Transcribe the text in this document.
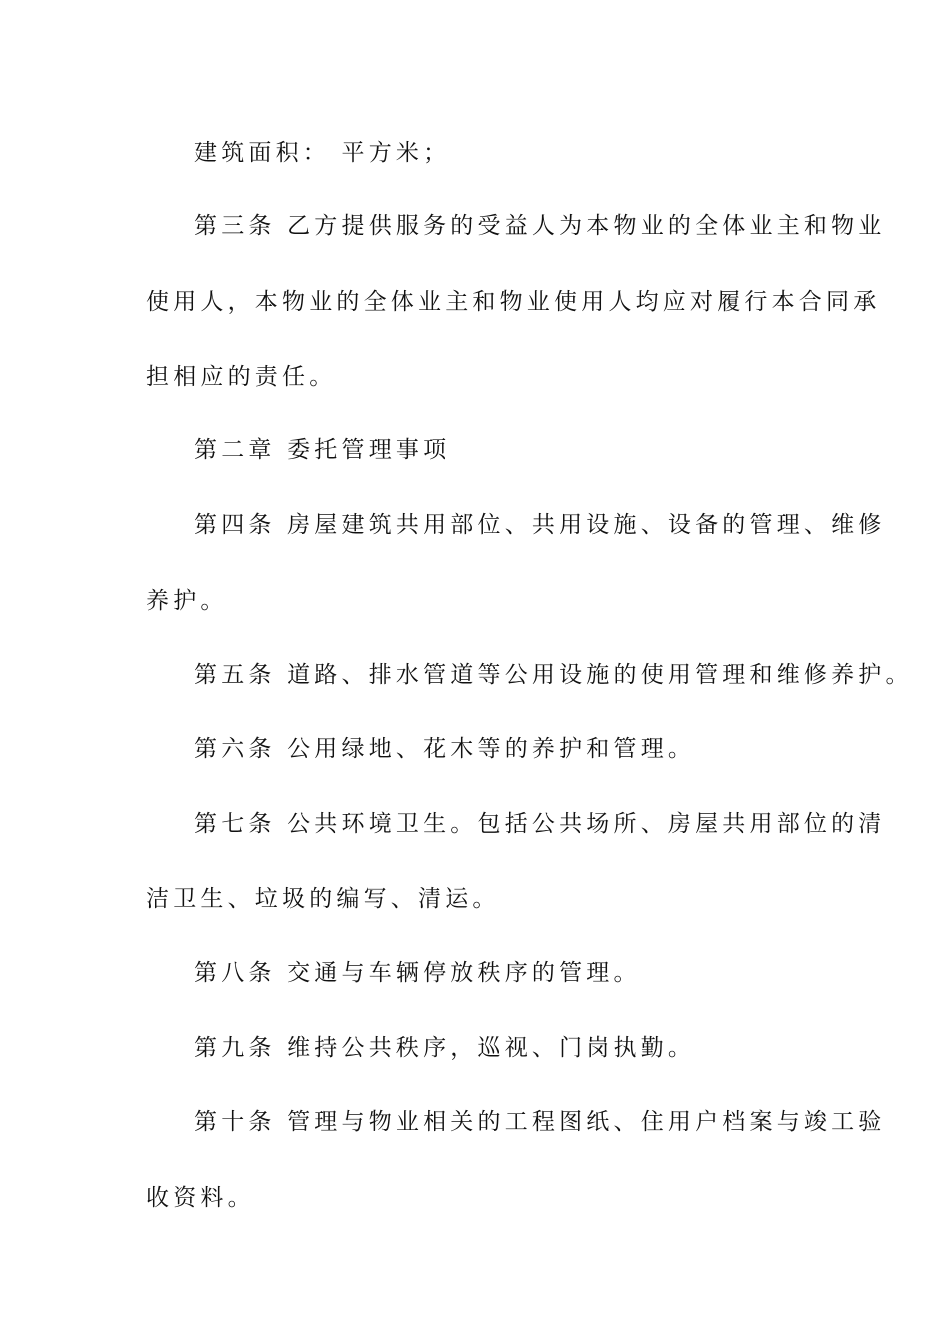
建筑面积： 平方米；
第三条 乙方提供服务的受益人为本物业的全体业主和物业
使用人，本物业的全体业主和物业使用人均应对履行本合同承
担相应的责任。
第二章 委托管理事项
第四条 房屋建筑共用部位、共用设施、设备的管理、维修
养护。
第五条 道路、排水管道等公用设施的使用管理和维修养护。
第六条 公用绿地、花木等的养护和管理。
第七条 公共环境卫生。包括公共场所、房屋共用部位的清
洁卫生、垃圾的编写、清运。
第八条 交通与车辆停放秩序的管理。
第九条 维持公共秩序，巡视、门岗执勤。
第十条 管理与物业相关的工程图纸、住用户档案与竣工验
收资料。
